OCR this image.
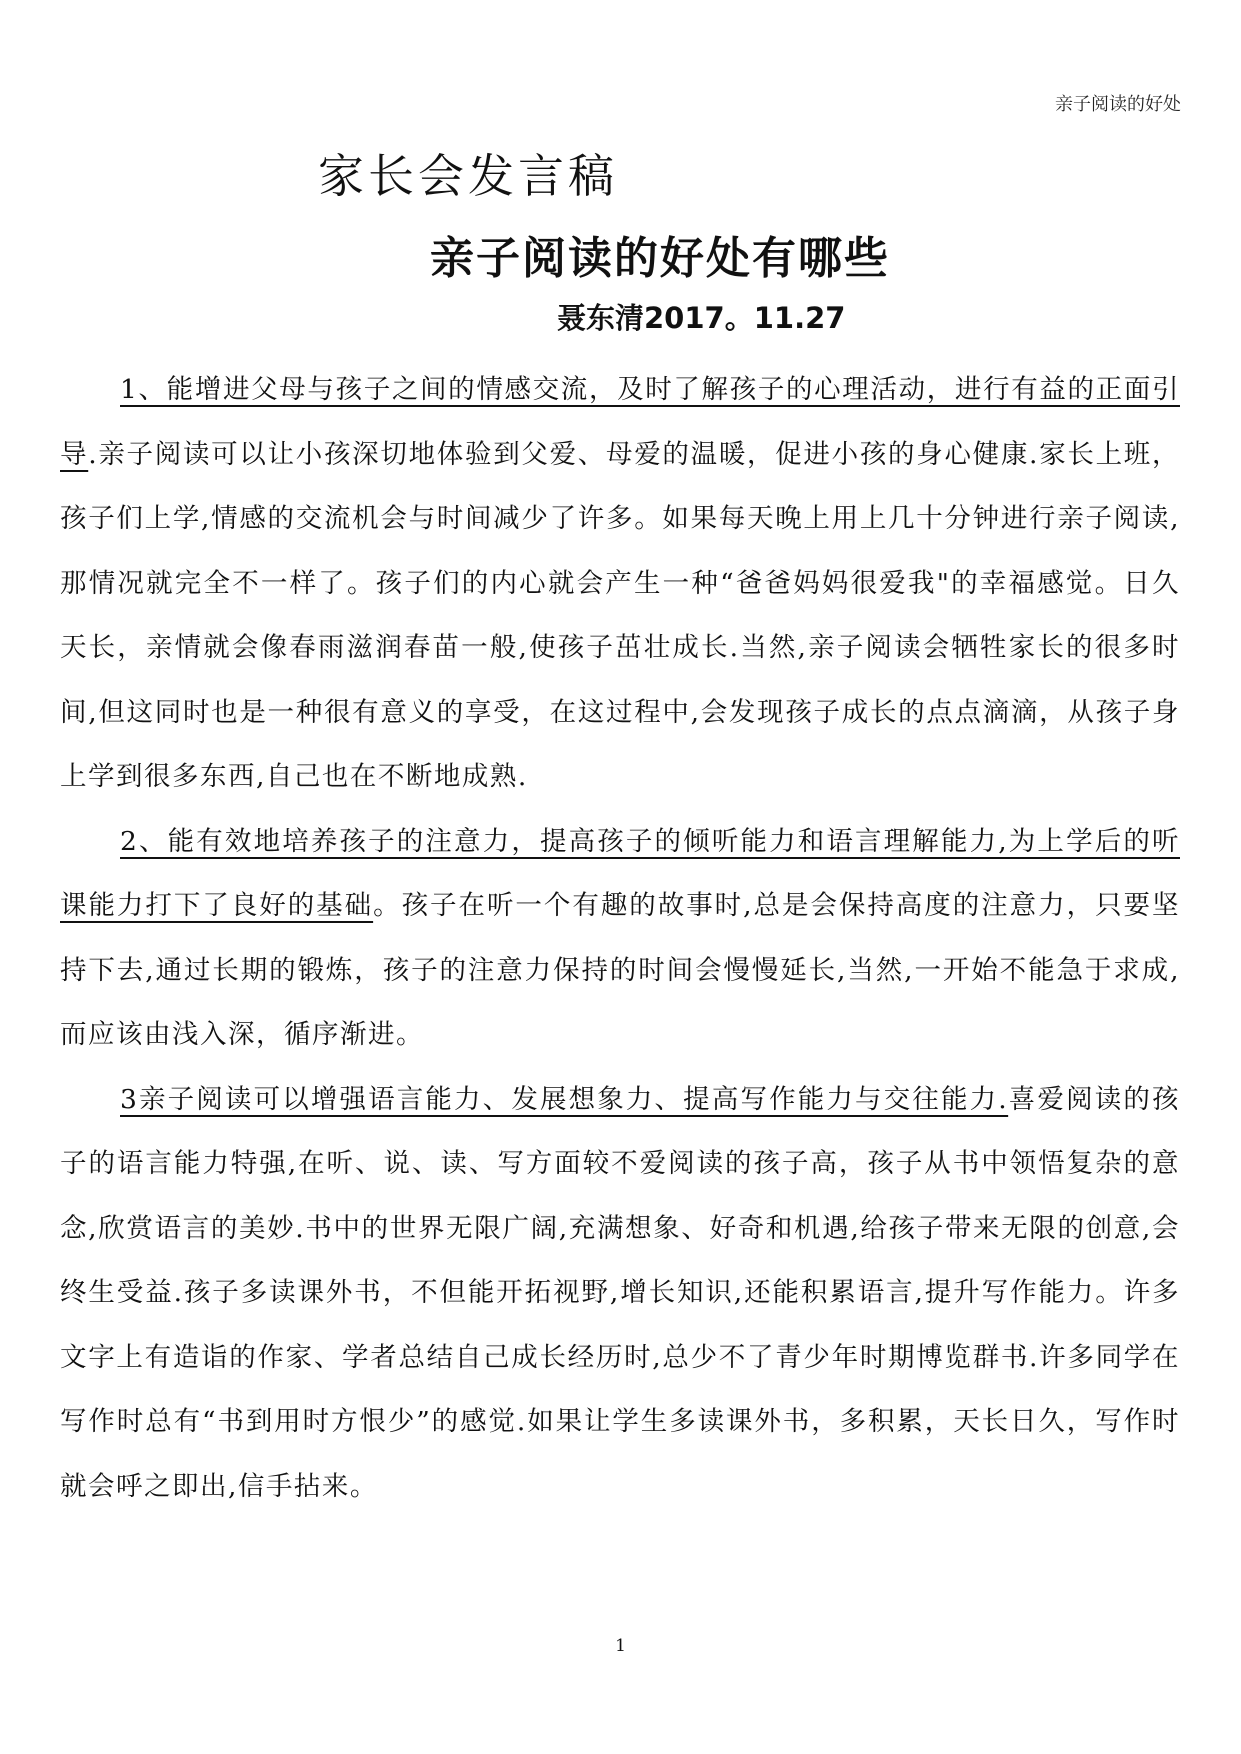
亲子阅读的好处
家长会发言稿
亲子阅读的好处有哪些
聂东清2017。11.27

1、能增进父母与孩子之间的情感交流，及时了解孩子的心理活动，进行有益的正面引导.亲子阅读可以让小孩深切地体验到父爱、母爱的温暖，促进小孩的身心健康.家长上班，孩子们上学,情感的交流机会与时间减少了许多。如果每天晚上用上几十分钟进行亲子阅读,那情况就完全不一样了。孩子们的内心就会产生一种“爸爸妈妈很爱我"的幸福感觉。日久天长，亲情就会像春雨滋润春苗一般,使孩子茁壮成长.当然,亲子阅读会牺牲家长的很多时间,但这同时也是一种很有意义的享受，在这过程中,会发现孩子成长的点点滴滴，从孩子身上学到很多东西,自己也在不断地成熟.

2、能有效地培养孩子的注意力，提高孩子的倾听能力和语言理解能力,为上学后的听课能力打下了良好的基础。孩子在听一个有趣的故事时,总是会保持高度的注意力，只要坚持下去,通过长期的锻炼，孩子的注意力保持的时间会慢慢延长,当然,一开始不能急于求成,而应该由浅入深，循序渐进。

3亲子阅读可以增强语言能力、发展想象力、提高写作能力与交往能力.喜爱阅读的孩子的语言能力特强,在听、说、读、写方面较不爱阅读的孩子高，孩子从书中领悟复杂的意念,欣赏语言的美妙.书中的世界无限广阔,充满想象、好奇和机遇,给孩子带来无限的创意,会终生受益.孩子多读课外书，不但能开拓视野,增长知识,还能积累语言,提升写作能力。许多文字上有造诣的作家、学者总结自己成长经历时,总少不了青少年时期博览群书.许多同学在写作时总有“书到用时方恨少”的感觉.如果让学生多读课外书，多积累，天长日久，写作时就会呼之即出,信手拈来。

1
